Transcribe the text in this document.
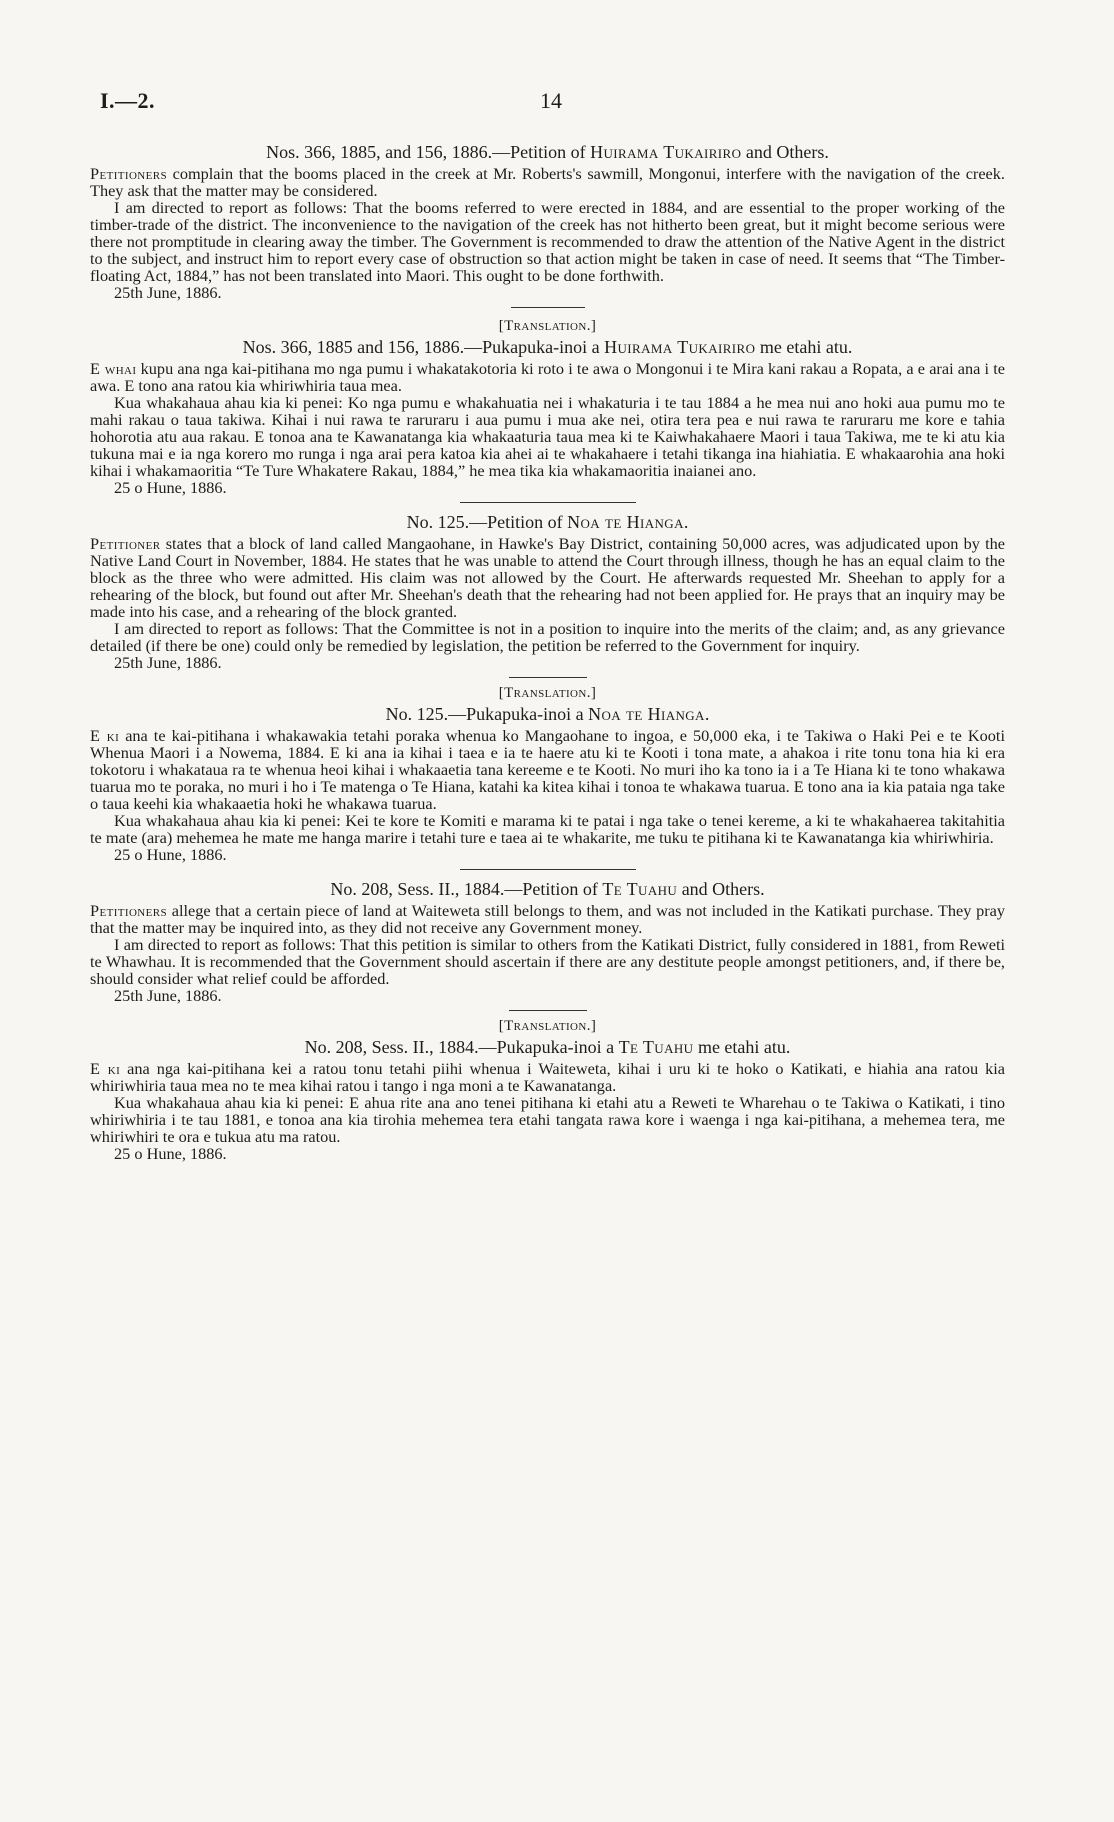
I.—2.	14

Nos. 366, 1885, and 156, 1886.—Petition of Huirama Tukairiro and Others.

Petitioners complain that the booms placed in the creek at Mr. Roberts's sawmill, Mongonui, interfere with the navigation of the creek. They ask that the matter may be considered.

I am directed to report as follows: That the booms referred to were erected in 1884, and are essential to the proper working of the timber-trade of the district. The inconvenience to the navigation of the creek has not hitherto been great, but it might become serious were there not promptitude in clearing away the timber. The Government is recommended to draw the attention of the Native Agent in the district to the subject, and instruct him to report every case of obstruction so that action might be taken in case of need. It seems that “The Timber-floating Act, 1884,” has not been translated into Maori. This ought to be done forthwith.

25th June, 1886.

[Translation.]

Nos. 366, 1885 and 156, 1886.—Pukapuka-inoi a Huirama Tukairiro me etahi atu.

E whai kupu ana nga kai-pitihana mo nga pumu i whakatakotoria ki roto i te awa o Mongonui i te Mira kani rakau a Ropata, a e arai ana i te awa. E tono ana ratou kia whiriwhiria taua mea.

Kua whakahaua ahau kia ki penei: Ko nga pumu e whakahuatia nei i whakaturia i te tau 1884 a he mea nui ano hoki aua pumu mo te mahi rakau o taua takiwa. Kihai i nui rawa te raruraru i aua pumu i mua ake nei, otira tera pea e nui rawa te raruraru me kore e tahia hohorotia atu aua rakau. E tonoa ana te Kawanatanga kia whakaaturia taua mea ki te Kaiwhakahaere Maori i taua Takiwa, me te ki atu kia tukuna mai e ia nga korero mo runga i nga arai pera katoa kia ahei ai te whakahaere i tetahi tikanga ina hiahiatia. E whakaarohia ana hoki kihai i whakamaoritia “Te Ture Whakatere Rakau, 1884,” he mea tika kia whakamaoritia inaianei ano.

25 o Hune, 1886.

No. 125.—Petition of Noa te Hianga.

Petitioner states that a block of land called Mangaohane, in Hawke's Bay District, containing 50,000 acres, was adjudicated upon by the Native Land Court in November, 1884. He states that he was unable to attend the Court through illness, though he has an equal claim to the block as the three who were admitted. His claim was not allowed by the Court. He afterwards requested Mr. Sheehan to apply for a rehearing of the block, but found out after Mr. Sheehan's death that the rehearing had not been applied for. He prays that an inquiry may be made into his case, and a rehearing of the block granted.

I am directed to report as follows: That the Committee is not in a position to inquire into the merits of the claim; and, as any grievance detailed (if there be one) could only be remedied by legislation, the petition be referred to the Government for inquiry.

25th June, 1886.

[Translation.]

No. 125.—Pukapuka-inoi a Noa te Hianga.

E ki ana te kai-pitihana i whakawakia tetahi poraka whenua ko Mangaohane to ingoa, e 50,000 eka, i te Takiwa o Haki Pei e te Kooti Whenua Maori i a Nowema, 1884. E ki ana ia kihai i taea e ia te haere atu ki te Kooti i tona mate, a ahakoa i rite tonu tona hia ki era tokotoru i whakataua ra te whenua heoi kihai i whakaaetia tana kereeme e te Kooti. No muri iho ka tono ia i a Te Hiana ki te tono whakawa tuarua mo te poraka, no muri i ho i Te matenga o Te Hiana, katahi ka kitea kihai i tonoa te whakawa tuarua. E tono ana ia kia pataia nga take o taua keehi kia whakaaetia hoki he whakawa tuarua.

Kua whakahaua ahau kia ki penei: Kei te kore te Komiti e marama ki te patai i nga take o tenei kereme, a ki te whakahaerea takitahitia te mate (ara) mehemea he mate me hanga marire i tetahi ture e taea ai te whakarite, me tuku te pitihana ki te Kawanatanga kia whiriwhiria.

25 o Hune, 1886.

No. 208, Sess. II., 1884.—Petition of Te Tuahu and Others.

Petitioners allege that a certain piece of land at Waiteweta still belongs to them, and was not included in the Katikati purchase. They pray that the matter may be inquired into, as they did not receive any Government money.

I am directed to report as follows: That this petition is similar to others from the Katikati District, fully considered in 1881, from Reweti te Whawhau. It is recommended that the Government should ascertain if there are any destitute people amongst petitioners, and, if there be, should consider what relief could be afforded.

25th June, 1886.

[Translation.]

No. 208, Sess. II., 1884.—Pukapuka-inoi a Te Tuahu me etahi atu.

E ki ana nga kai-pitihana kei a ratou tonu tetahi piihi whenua i Waiteweta, kihai i uru ki te hoko o Katikati, e hiahia ana ratou kia whiriwhiria taua mea no te mea kihai ratou i tango i nga moni a te Kawanatanga.

Kua whakahaua ahau kia ki penei: E ahua rite ana ano tenei pitihana ki etahi atu a Reweti te Wharehau o te Takiwa o Katikati, i tino whiriwhiria i te tau 1881, e tonoa ana kia tirohia mehemea tera etahi tangata rawa kore i waenga i nga kai-pitihana, a mehemea tera, me whiriwhiri te ora e tukua atu ma ratou.

25 o Hune, 1886.
